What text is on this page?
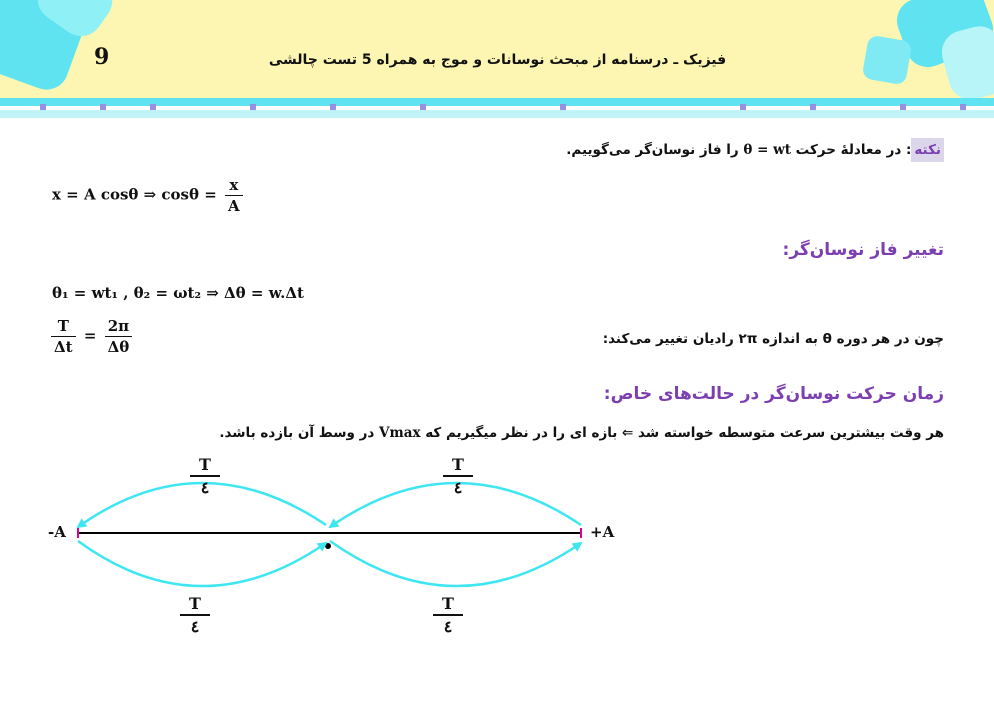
9	فیزیک ـ درسنامه از مبحث نوسانات و موج به همراه 5 تست چالشی
نکته: در معادلۀ حرکت θ = wt را فاز نوسان‌گر می‌گوییم.
x = A cosθ ⇒ $\cos\theta = \frac{x}{A}$
تغییر فاز نوسان‌گر:
θ₁ = wt₁ , θ₂ = ωt₂ ⇒ Δθ = w.Δt
$\frac{T}{\Delta t} = \frac{2\pi}{\Delta\theta}$	چون در هر دوره θ به اندازه ۲π رادیان تغییر می‌کند:
زمان حرکت نوسان‌گر در حالت‌های خاص:
هر وقت بیشترین سرعت متوسطه خواسته شد ⇐ بازه ای را در نظر میگیریم که Vmax در وسط آن بازده باشد.
-A	+A
T
٤
T
٤
T
٤
T
٤
